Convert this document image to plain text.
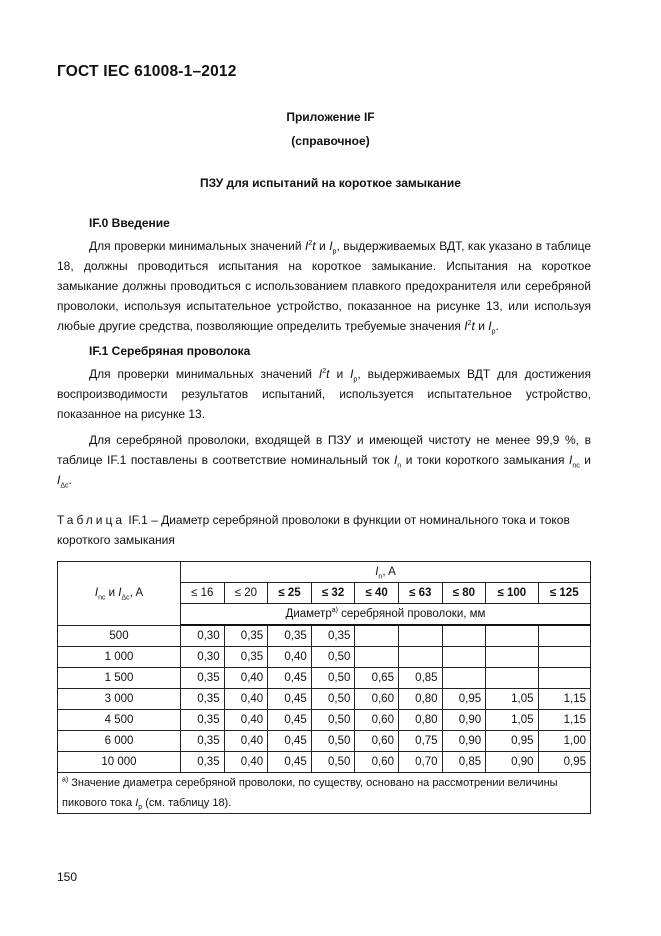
ГОСТ IEC 61008-1–2012
Приложение IF
(справочное)
ПЗУ для испытаний на короткое замыкание
IF.0 Введение

Для проверки минимальных значений $I^2t$ и $I_p$, выдерживаемых ВДТ, как указано в таблице 18, должны проводиться испытания на короткое замыкание. Испытания на короткое замыкание должны проводиться с использованием плавкого предохранителя или серебряной проволоки, используя испытательное устройство, показанное на рисунке 13, или используя любые другие средства, позволяющие определить требуемые значения $I^2t$ и $I_p$.

IF.1 Серебряная проволока

Для проверки минимальных значений $I^2t$ и $I_p$, выдерживаемых ВДТ для достижения воспроизводимости результатов испытаний, используется испытательное устройство, показанное на рисунке 13.

Для серебряной проволоки, входящей в ПЗУ и имеющей чистоту не менее 99,9 %, в таблице IF.1 поставлены в соответствие номинальный ток $I_n$ и токи короткого замыкания $I_{nc}$ и $I_{\Delta c}$.

Таблица IF.1 – Диаметр серебряной проволоки в функции от номинального тока и токов короткого замыкания

$I_{nc}$ и $I_{\Delta c}$, A	$I_n$, A								
	≤ 16	≤ 20	≤ 25	≤ 32	≤ 40	≤ 63	≤ 80	≤ 100	≤ 125
	Диаметр$^{a)}$ серебряной проволоки, мм								
500	0,30	0,35	0,35	0,35					
1 000	0,30	0,35	0,40	0,50					
1 500	0,35	0,40	0,45	0,50	0,65	0,85			
3 000	0,35	0,40	0,45	0,50	0,60	0,80	0,95	1,05	1,15
4 500	0,35	0,40	0,45	0,50	0,60	0,80	0,90	1,05	1,15
6 000	0,35	0,40	0,45	0,50	0,60	0,75	0,90	0,95	1,00
10 000	0,35	0,40	0,45	0,50	0,60	0,70	0,85	0,90	0,95
$^{a)}$ Значение диаметра серебряной проволоки, по существу, основано на рассмотрении величины пикового тока $I_p$ (см. таблицу 18).									
150
